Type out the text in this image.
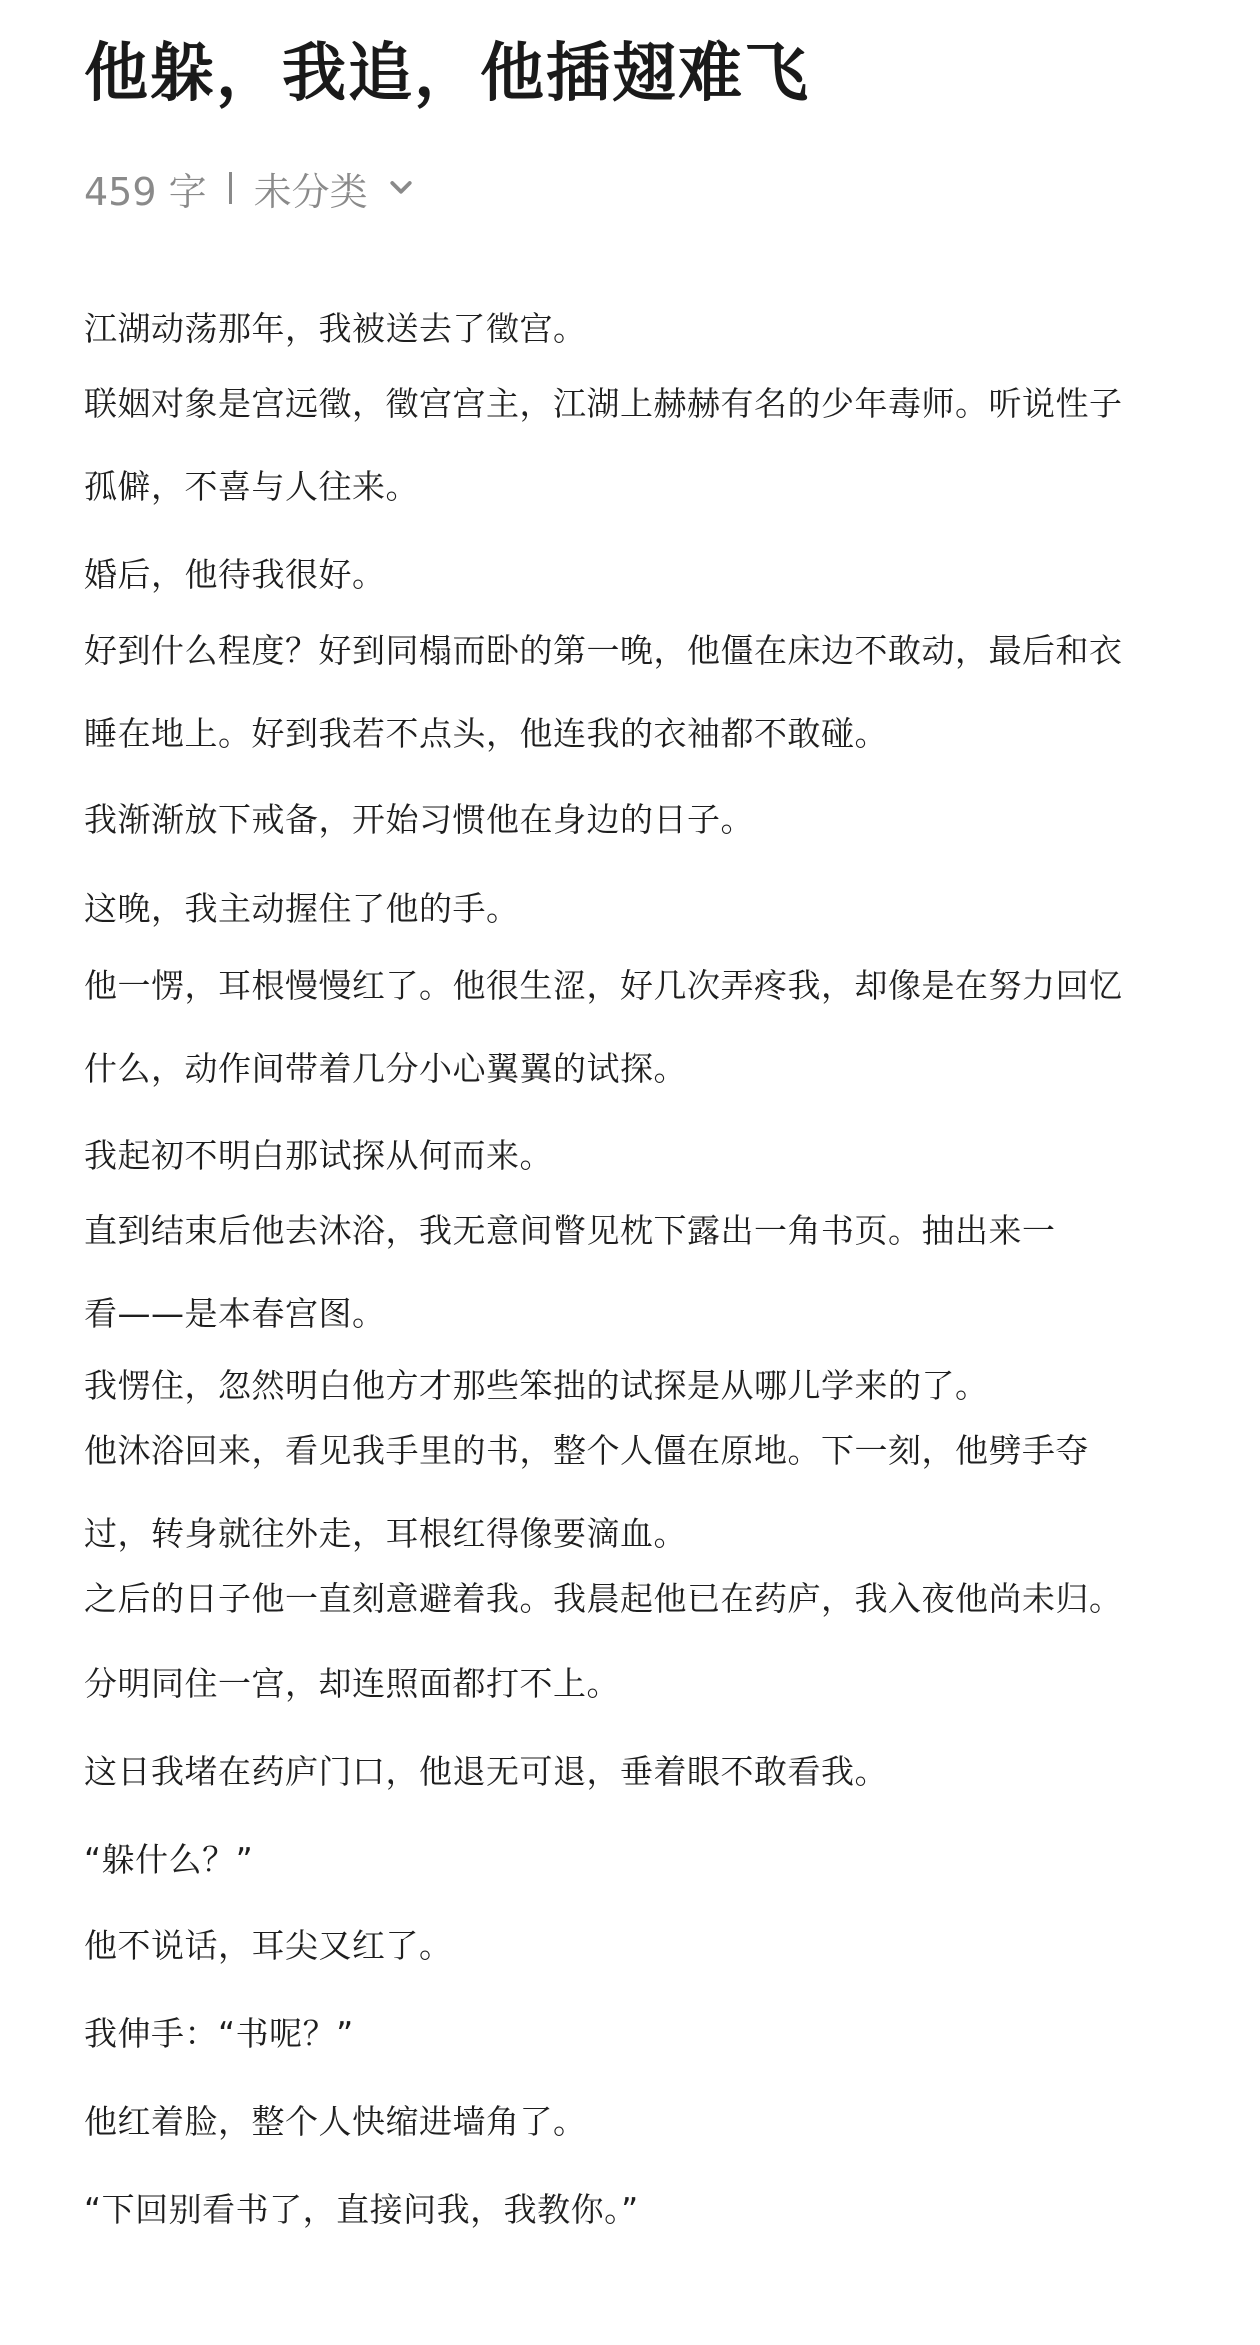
他躲，我追，他插翅难飞
459 字 未分类

江湖动荡那年，我被送去了徵宫。

联姻对象是宫远徵，徵宫宫主，江湖上赫赫有名的少年毒师。听说性子

孤僻，不喜与人往来。

婚后，他待我很好。

好到什么程度？好到同榻而卧的第一晚，他僵在床边不敢动，最后和衣

睡在地上。好到我若不点头，他连我的衣袖都不敢碰。

我渐渐放下戒备，开始习惯他在身边的日子。

这晚，我主动握住了他的手。

他一愣，耳根慢慢红了。他很生涩，好几次弄疼我，却像是在努力回忆

什么，动作间带着几分小心翼翼的试探。

我起初不明白那试探从何而来。

直到结束后他去沐浴，我无意间瞥见枕下露出一角书页。抽出来一

看——是本春宫图。

我愣住，忽然明白他方才那些笨拙的试探是从哪儿学来的了。

他沐浴回来，看见我手里的书，整个人僵在原地。下一刻，他劈手夺

过，转身就往外走，耳根红得像要滴血。

之后的日子他一直刻意避着我。我晨起他已在药庐，我入夜他尚未归。

分明同住一宫，却连照面都打不上。

这日我堵在药庐门口，他退无可退，垂着眼不敢看我。

“躲什么？”

他不说话，耳尖又红了。

我伸手：“书呢？”

他红着脸，整个人快缩进墙角了。

“下回别看书了，直接问我，我教你。”
